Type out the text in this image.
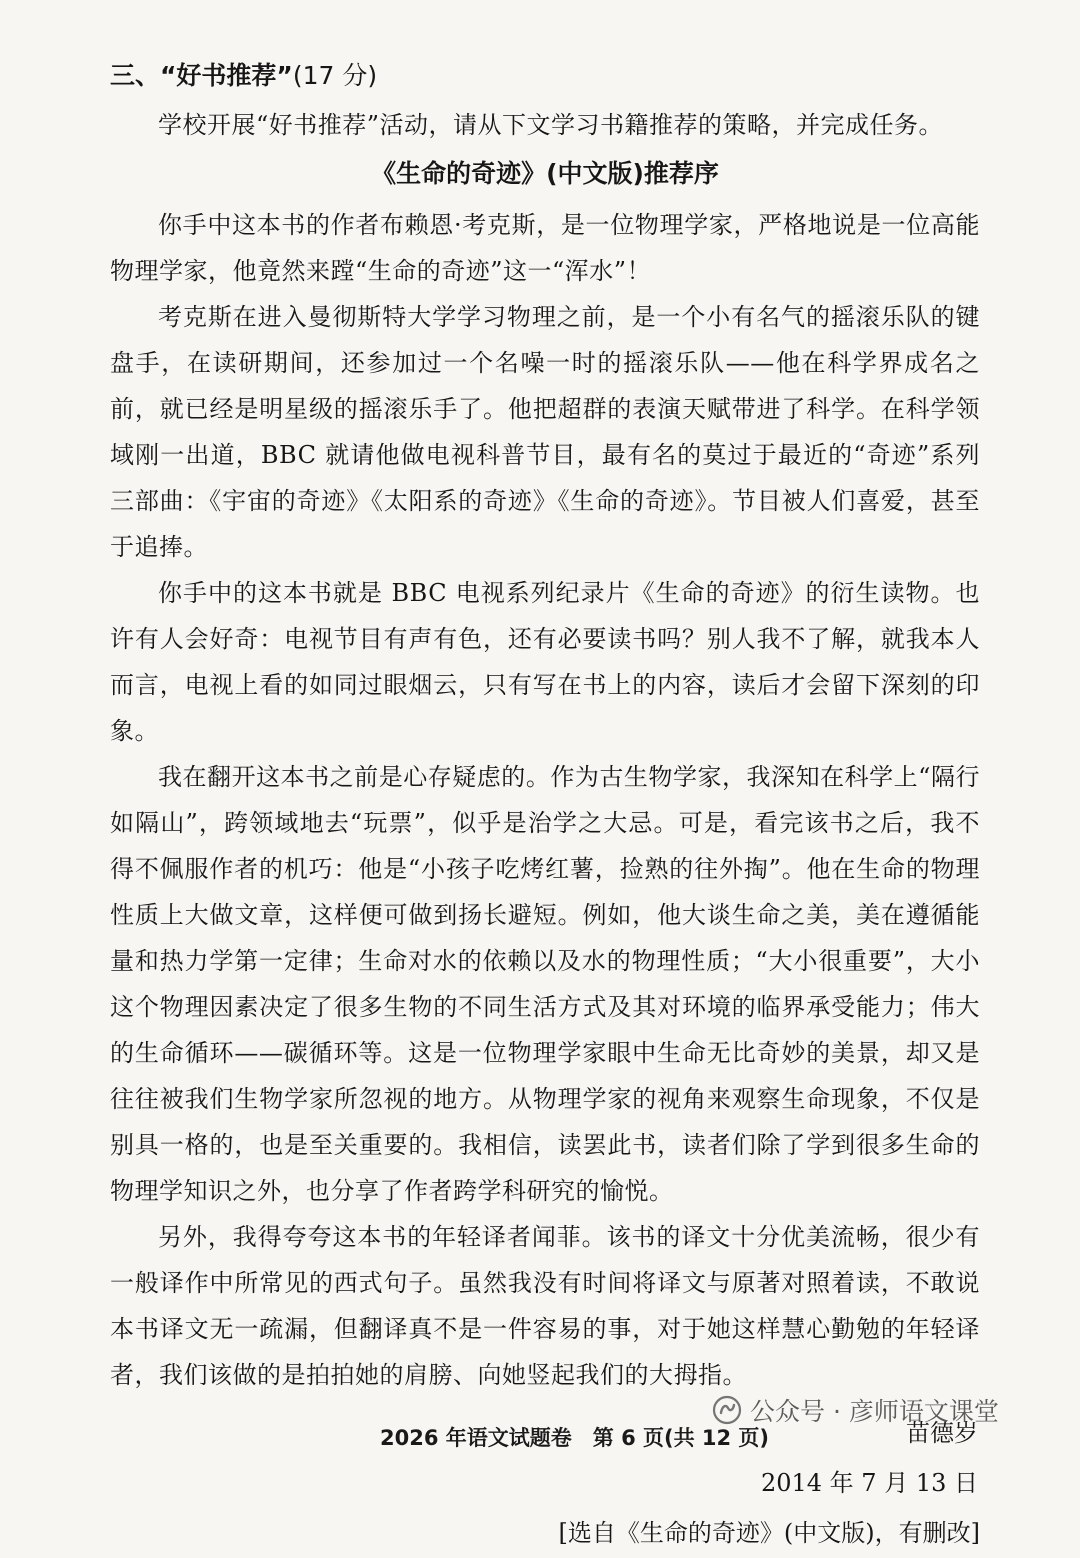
三、“好书推荐”(17 分)

学校开展“好书推荐”活动，请从下文学习书籍推荐的策略，并完成任务。

《生命的奇迹》(中文版)推荐序

你手中这本书的作者布赖恩·考克斯，是一位物理学家，严格地说是一位高能物理学家，他竟然来蹚“生命的奇迹”这一“浑水”！

考克斯在进入曼彻斯特大学学习物理之前，是一个小有名气的摇滚乐队的键盘手，在读研期间，还参加过一个名噪一时的摇滚乐队——他在科学界成名之前，就已经是明星级的摇滚乐手了。他把超群的表演天赋带进了科学。在科学领域刚一出道，BBC 就请他做电视科普节目，最有名的莫过于最近的“奇迹”系列三部曲：《宇宙的奇迹》《太阳系的奇迹》《生命的奇迹》。节目被人们喜爱，甚至于追捧。

你手中的这本书就是 BBC 电视系列纪录片《生命的奇迹》的衍生读物。也许有人会好奇：电视节目有声有色，还有必要读书吗？别人我不了解，就我本人而言，电视上看的如同过眼烟云，只有写在书上的内容，读后才会留下深刻的印象。

我在翻开这本书之前是心存疑虑的。作为古生物学家，我深知在科学上“隔行如隔山”，跨领域地去“玩票”，似乎是治学之大忌。可是，看完该书之后，我不得不佩服作者的机巧：他是“小孩子吃烤红薯，捡熟的往外掏”。他在生命的物理性质上大做文章，这样便可做到扬长避短。例如，他大谈生命之美，美在遵循能量和热力学第一定律；生命对水的依赖以及水的物理性质；“大小很重要”，大小这个物理因素决定了很多生物的不同生活方式及其对环境的临界承受能力；伟大的生命循环——碳循环等。这是一位物理学家眼中生命无比奇妙的美景，却又是往往被我们生物学家所忽视的地方。从物理学家的视角来观察生命现象，不仅是别具一格的，也是至关重要的。我相信，读罢此书，读者们除了学到很多生命的物理学知识之外，也分享了作者跨学科研究的愉悦。

另外，我得夸夸这本书的年轻译者闻菲。该书的译文十分优美流畅，很少有一般译作中所常见的西式句子。虽然我没有时间将译文与原著对照着读，不敢说本书译文无一疏漏，但翻译真不是一件容易的事，对于她这样慧心勤勉的年轻译者，我们该做的是拍拍她的肩膀、向她竖起我们的大拇指。

苗德岁

2014 年 7 月 13 日

[选自《生命的奇迹》(中文版)，有删改]

2026 年语文试题卷　第 6 页(共 12 页)
公众号 · 彦师语文课堂
